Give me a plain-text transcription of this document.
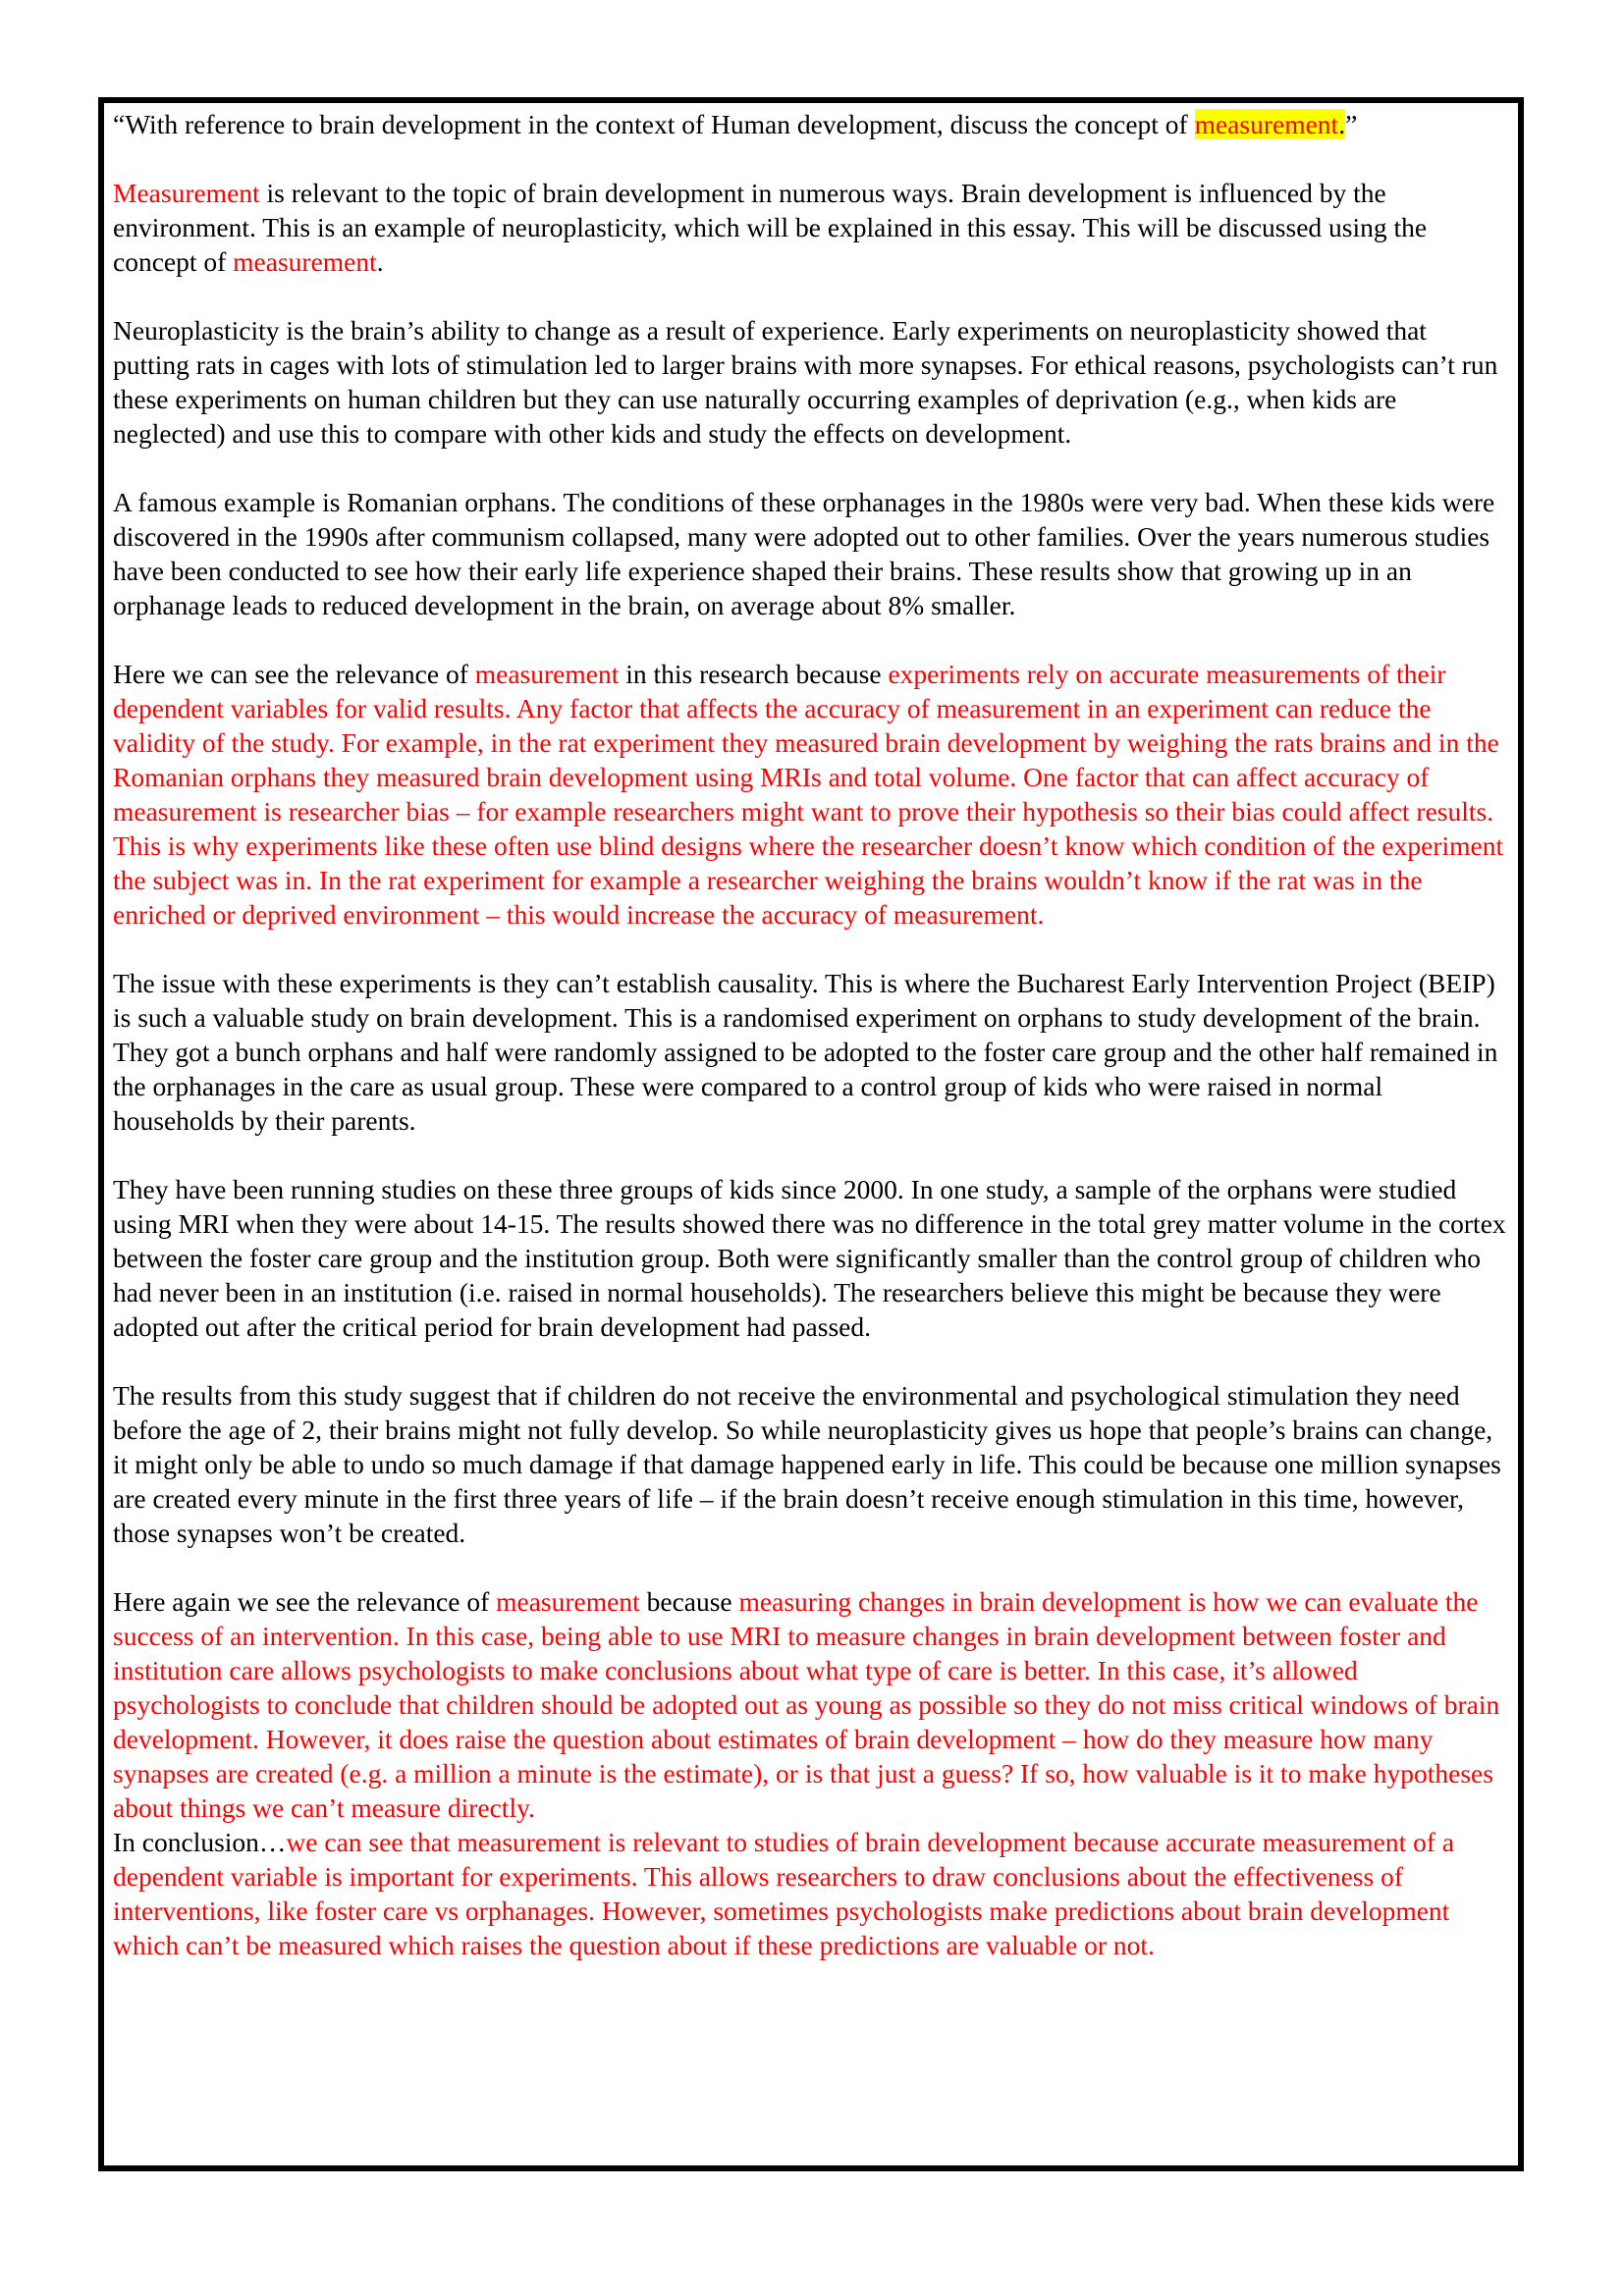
“With reference to brain development in the context of Human development, discuss the concept of measurement.”

Measurement is relevant to the topic of brain development in numerous ways. Brain development is influenced by the environment. This is an example of neuroplasticity, which will be explained in this essay. This will be discussed using the concept of measurement.

Neuroplasticity is the brain’s ability to change as a result of experience. Early experiments on neuroplasticity showed that putting rats in cages with lots of stimulation led to larger brains with more synapses. For ethical reasons, psychologists can’t run these experiments on human children but they can use naturally occurring examples of deprivation (e.g., when kids are neglected) and use this to compare with other kids and study the effects on development.

A famous example is Romanian orphans. The conditions of these orphanages in the 1980s were very bad. When these kids were discovered in the 1990s after communism collapsed, many were adopted out to other families. Over the years numerous studies have been conducted to see how their early life experience shaped their brains. These results show that growing up in an orphanage leads to reduced development in the brain, on average about 8% smaller.

Here we can see the relevance of measurement in this research because experiments rely on accurate measurements of their dependent variables for valid results. Any factor that affects the accuracy of measurement in an experiment can reduce the validity of the study. For example, in the rat experiment they measured brain development by weighing the rats brains and in the Romanian orphans they measured brain development using MRIs and total volume. One factor that can affect accuracy of measurement is researcher bias – for example researchers might want to prove their hypothesis so their bias could affect results. This is why experiments like these often use blind designs where the researcher doesn’t know which condition of the experiment the subject was in. In the rat experiment for example a researcher weighing the brains wouldn’t know if the rat was in the enriched or deprived environment – this would increase the accuracy of measurement.

The issue with these experiments is they can’t establish causality. This is where the Bucharest Early Intervention Project (BEIP) is such a valuable study on brain development. This is a randomised experiment on orphans to study development of the brain. They got a bunch orphans and half were randomly assigned to be adopted to the foster care group and the other half remained in the orphanages in the care as usual group. These were compared to a control group of kids who were raised in normal households by their parents.

They have been running studies on these three groups of kids since 2000. In one study, a sample of the orphans were studied using MRI when they were about 14-15. The results showed there was no difference in the total grey matter volume in the cortex between the foster care group and the institution group. Both were significantly smaller than the control group of children who had never been in an institution (i.e. raised in normal households). The researchers believe this might be because they were adopted out after the critical period for brain development had passed.

The results from this study suggest that if children do not receive the environmental and psychological stimulation they need before the age of 2, their brains might not fully develop. So while neuroplasticity gives us hope that people’s brains can change, it might only be able to undo so much damage if that damage happened early in life. This could be because one million synapses are created every minute in the first three years of life – if the brain doesn’t receive enough stimulation in this time, however, those synapses won’t be created.

Here again we see the relevance of measurement because measuring changes in brain development is how we can evaluate the success of an intervention. In this case, being able to use MRI to measure changes in brain development between foster and institution care allows psychologists to make conclusions about what type of care is better. In this case, it’s allowed psychologists to conclude that children should be adopted out as young as possible so they do not miss critical windows of brain development. However, it does raise the question about estimates of brain development – how do they measure how many synapses are created (e.g. a million a minute is the estimate), or is that just a guess? If so, how valuable is it to make hypotheses about things we can’t measure directly.

In conclusion…we can see that measurement is relevant to studies of brain development because accurate measurement of a dependent variable is important for experiments. This allows researchers to draw conclusions about the effectiveness of interventions, like foster care vs orphanages. However, sometimes psychologists make predictions about brain development which can’t be measured which raises the question about if these predictions are valuable or not.
